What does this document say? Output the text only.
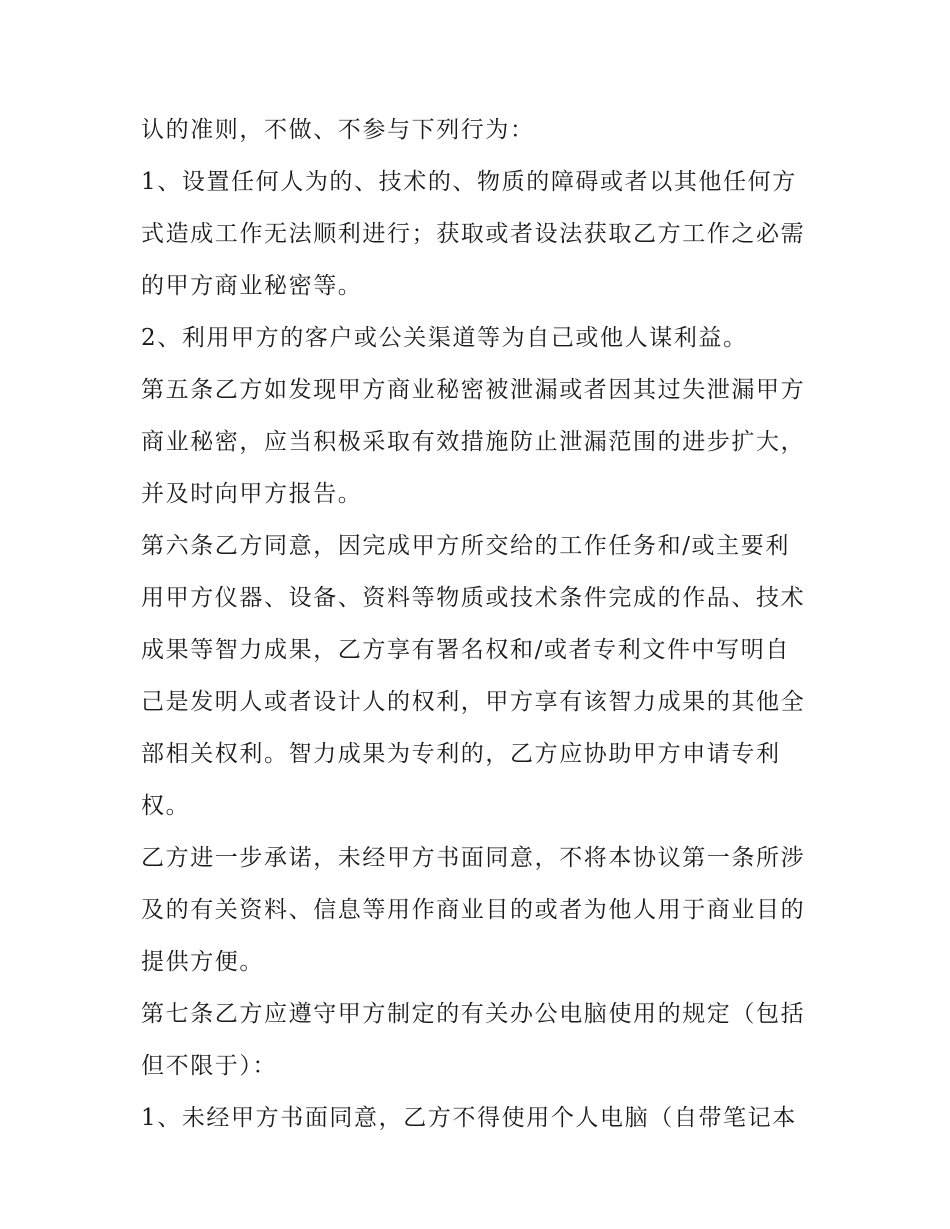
认的准则，不做、不参与下列行为：
1、设置任何人为的、技术的、物质的障碍或者以其他任何方
式造成工作无法顺利进行；获取或者设法获取乙方工作之必需
的甲方商业秘密等。
2、利用甲方的客户或公关渠道等为自己或他人谋利益。
第五条乙方如发现甲方商业秘密被泄漏或者因其过失泄漏甲方
商业秘密，应当积极采取有效措施防止泄漏范围的进步扩大，
并及时向甲方报告。
第六条乙方同意，因完成甲方所交给的工作任务和/或主要利
用甲方仪器、设备、资料等物质或技术条件完成的作品、技术
成果等智力成果，乙方享有署名权和/或者专利文件中写明自
己是发明人或者设计人的权利，甲方享有该智力成果的其他全
部相关权利。智力成果为专利的，乙方应协助甲方申请专利
权。
乙方进一步承诺，未经甲方书面同意，不将本协议第一条所涉
及的有关资料、信息等用作商业目的或者为他人用于商业目的
提供方便。
第七条乙方应遵守甲方制定的有关办公电脑使用的规定（包括
但不限于）：
1、未经甲方书面同意，乙方不得使用个人电脑（自带笔记本
